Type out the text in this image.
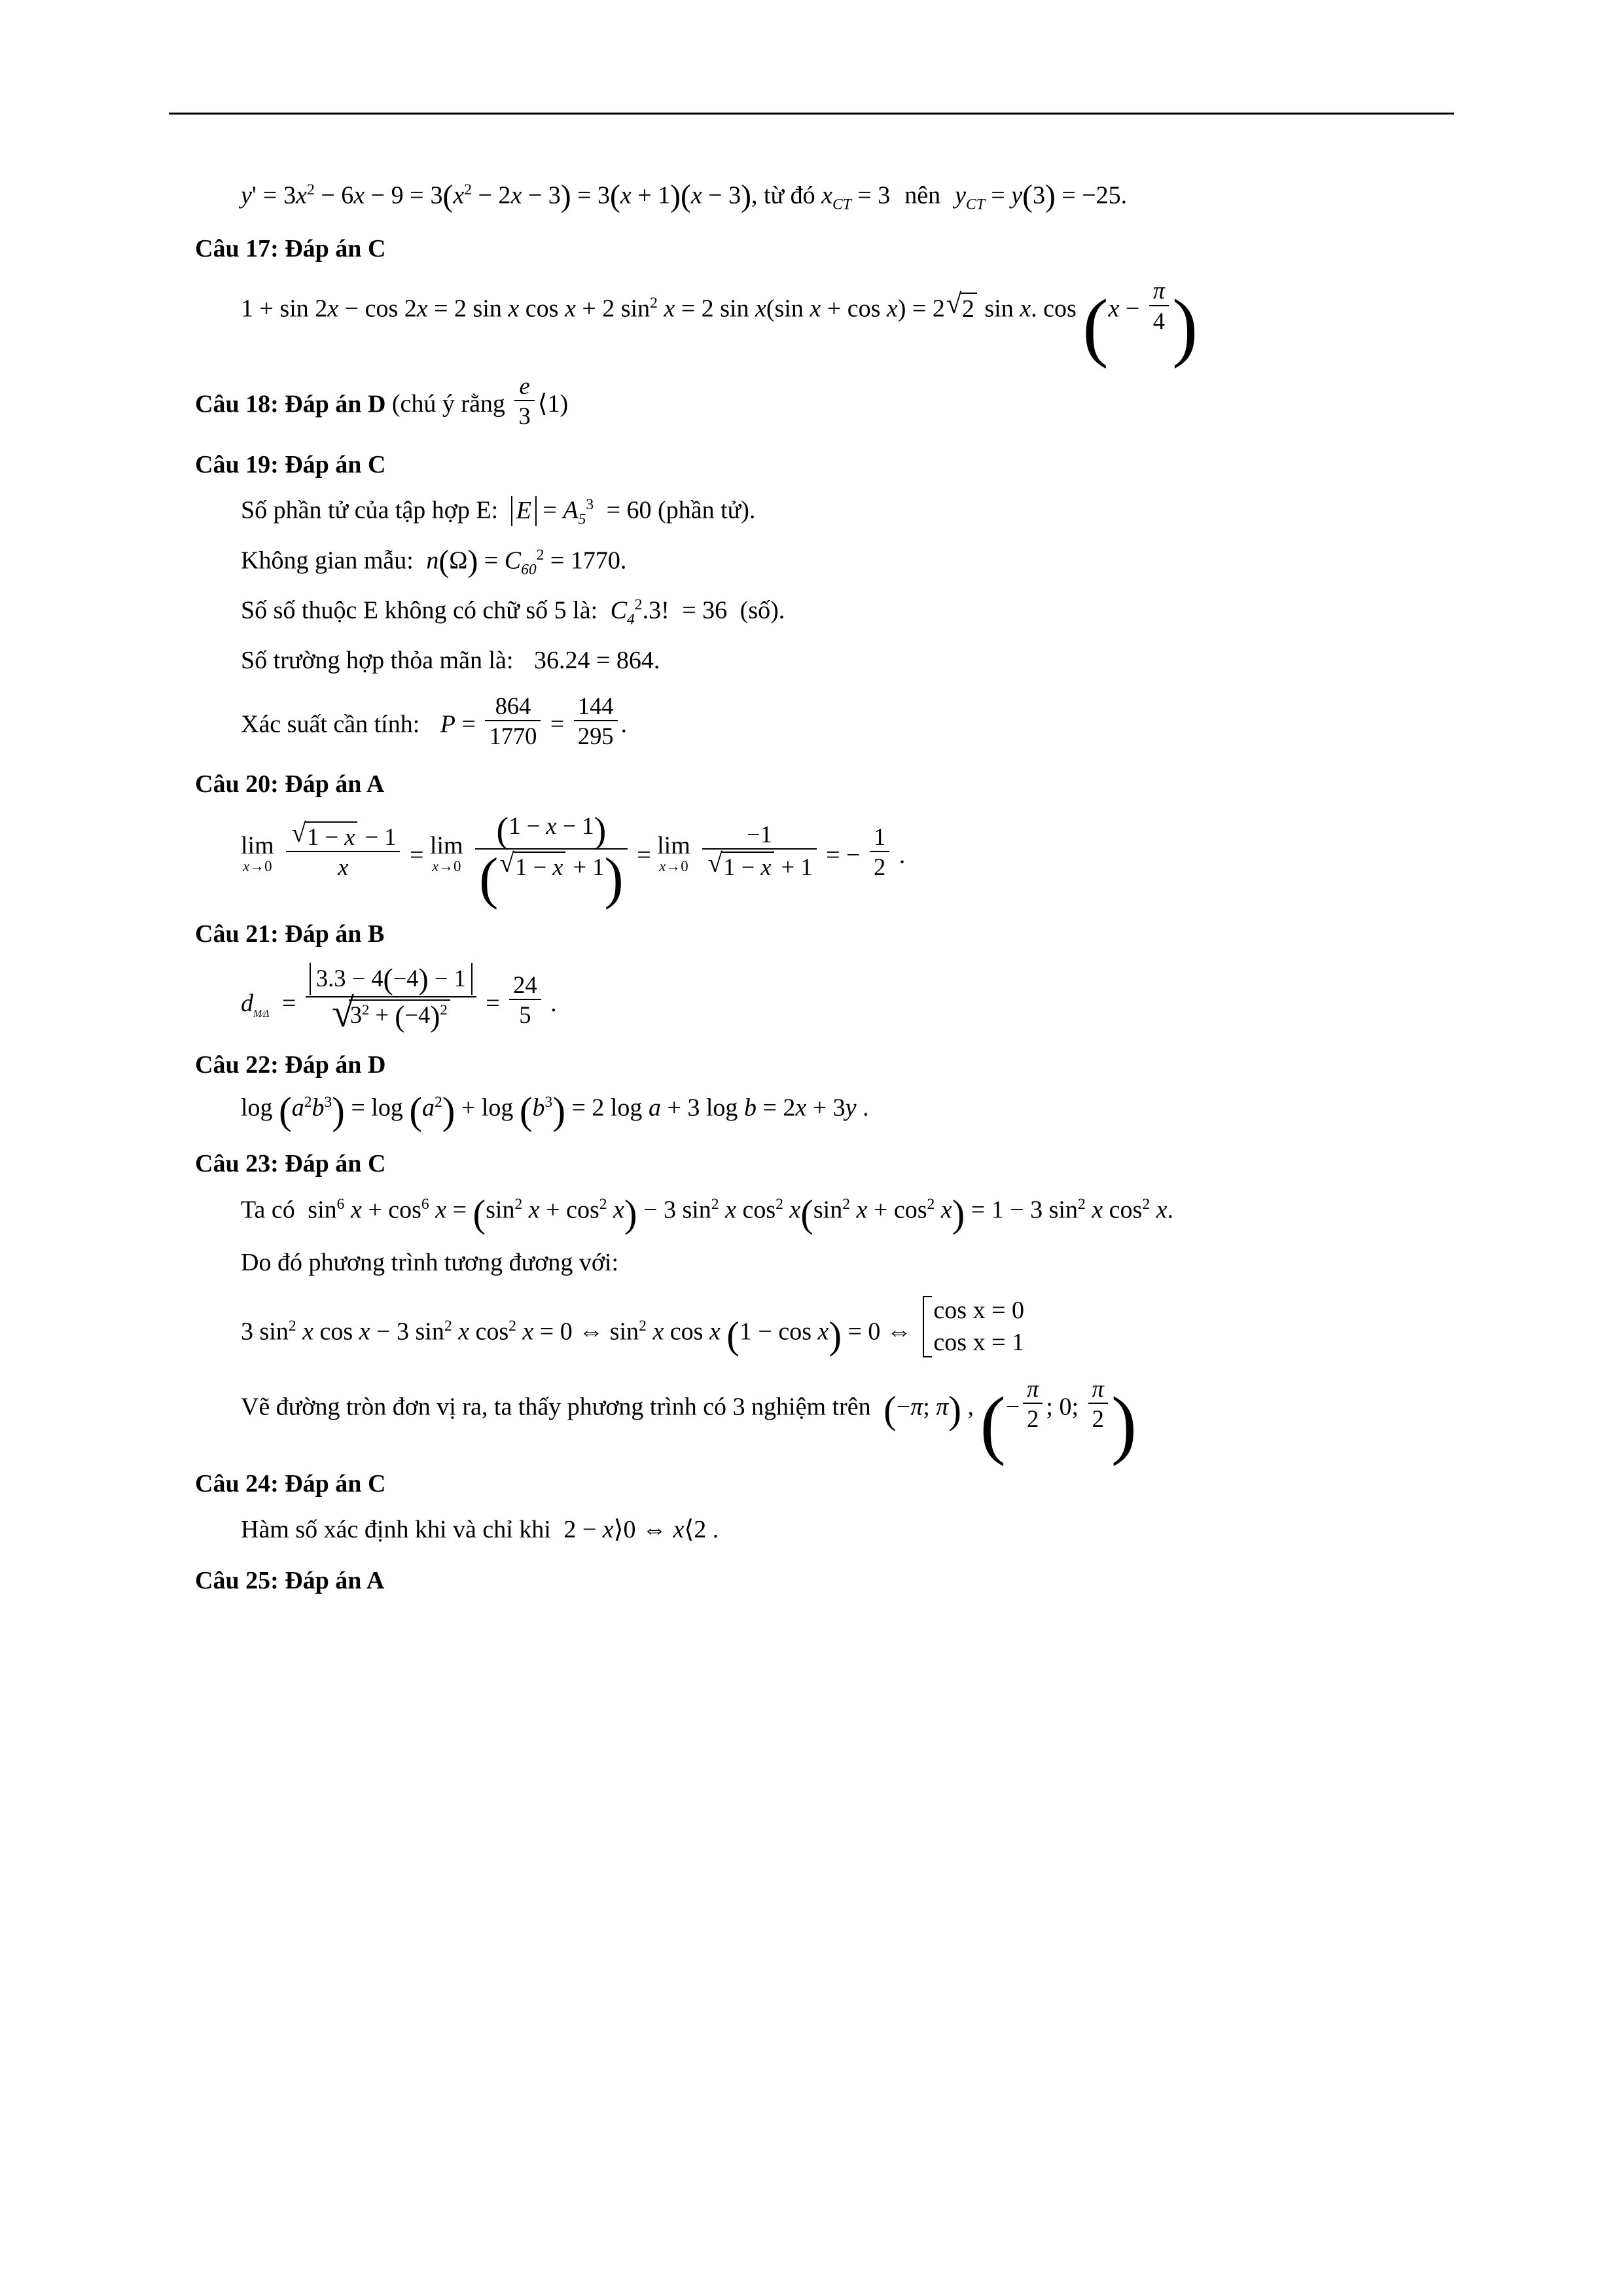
$y' = 3x^2 - 6x - 9 = 3(x^2 - 2x - 3) = 3(x + 1)(x - 3)$, từ đó $x_{CT} = 3$ nên $y_{CT} = y(3) = -25$.
Câu 17: Đáp án C
1 + sin 2x − cos 2x = 2 sin x cos x + 2 $\sin^2 x = 2$ sin x(sin x + cos x) = 2 √ 2 sin x. $\cos (x - \frac{\pi}{4}$ )
Câu 18: Đáp án D (chú ý rằng $\frac{e}{3}$ ⟨1)
Câu 19: Đáp án C
Số phần tử của tập hợp E: $E = A_5^3 = 60$ (phần tử).
Không gian mẫu: $n(\Omega) = C_{60}^2 = 1770$.
Số số thuộc E không có chữ số 5 là: $C_4^2.3$! = 36 (số).
Số trường hợp thỏa mãn là: 36.24 = 864.
Xác suất cần tính: $P = \frac{864}{1770} = \frac{144}{295}$ .
Câu 20: Đáp án A
lim
x→0
√ $\frac{1 - x - 1}{x} = \lim$
x→0
$\frac{(1 - x - 1)}{( √ 1 - x + 1)} = \lim$
x→0
−1
√ 1 − x + 1 = − $\frac{1}{2}$ .
Câu 21: Đáp án B
$d_{M⁄\Delta} = 3.3 - 4(-4) - 1$
√ $3^2 + (-4)^2 = \frac{24}{5}$ .
Câu 22: Đáp án D
$\log (a^2b^3) = \log (a^2) + \log (b^3) = 2$ log a + 3 log b = 2x + 3y .
Câu 23: Đáp án C
Ta có $\sin^6 x + \cos^6 x = (\sin^2$ $x + \cos^2 x) - 3$ $\sin^2 x$ $\cos^2 x(\sin^2$ $x + \cos^2 x) = 1 - 3$ $\sin^2 x$ $\cos^2 x$.
Do đó phương trình tương đương với:
3 $\sin^2 x$ cos x − 3 $\sin^2 x$ $\cos^2 x = 0$ ⇔ $\sin^2 x$ cos x (1 − cos x) = 0 ⇔
cos x = 0
cos x = 1
Vẽ đường tròn đơn vị ra, ta thấy phương trình có 3 nghiệm trên (−π; π) , (− $\frac{\pi}{2}$ ; 0; $\frac{\pi}{2}$ )
Câu 24: Đáp án C
Hàm số xác định khi và chỉ khi 2 − x⟩0 ⇔ x⟨2 .
Câu 25: Đáp án A
